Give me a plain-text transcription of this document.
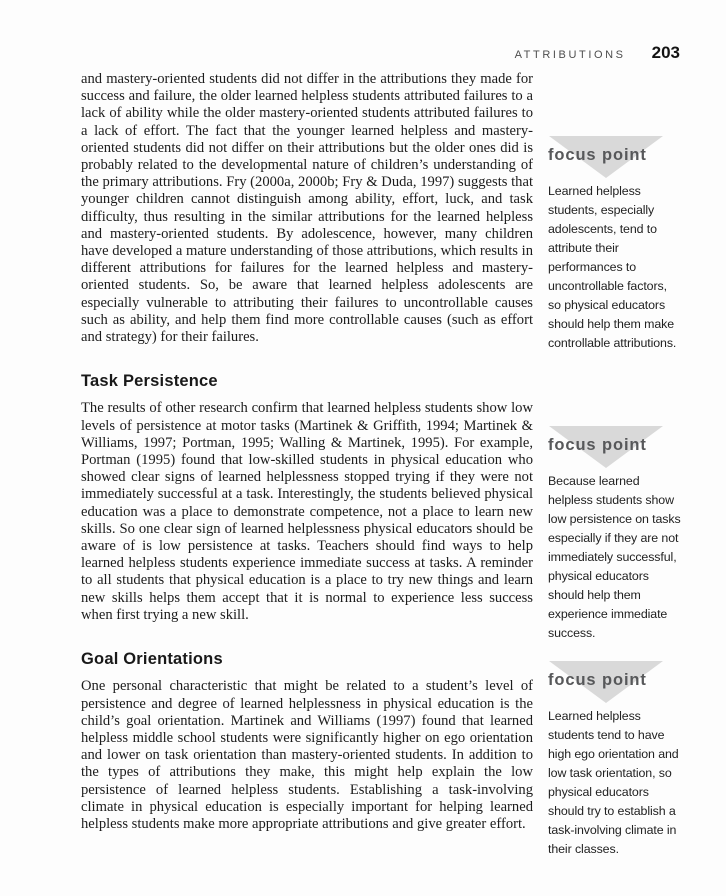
ATTRIBUTIONS 203

and mastery-oriented students did not differ in the attributions they made for success and failure, the older learned helpless students attributed failures to a lack of ability while the older mastery-oriented students attributed failures to a lack of effort. The fact that the younger learned helpless and mastery-oriented students did not differ on their attributions but the older ones did is probably related to the developmental nature of children’s understanding of the primary attributions. Fry (2000a, 2000b; Fry & Duda, 1997) suggests that younger children cannot distinguish among ability, effort, luck, and task difficulty, thus resulting in the similar attributions for the learned helpless and mastery-oriented students. By adolescence, however, many children have developed a mature understanding of those attributions, which results in different attributions for failures for the learned helpless and mastery-oriented students. So, be aware that learned helpless adolescents are especially vulnerable to attributing their failures to uncontrollable causes such as ability, and help them find more controllable causes (such as effort and strategy) for their failures.

Task Persistence

The results of other research confirm that learned helpless students show low levels of persistence at motor tasks (Martinek & Griffith, 1994; Martinek & Williams, 1997; Portman, 1995; Walling & Martinek, 1995). For example, Portman (1995) found that low-skilled students in physical education who showed clear signs of learned helplessness stopped trying if they were not immediately successful at a task. Interestingly, the students believed physical education was a place to demonstrate competence, not a place to learn new skills. So one clear sign of learned helplessness physical educators should be aware of is low persistence at tasks. Teachers should find ways to help learned helpless students experience immediate success at tasks. A reminder to all students that physical education is a place to try new things and learn new skills helps them accept that it is normal to experience less success when first trying a new skill.

Goal Orientations

One personal characteristic that might be related to a student’s level of persistence and degree of learned helplessness in physical education is the child’s goal orientation. Martinek and Williams (1997) found that learned helpless middle school students were significantly higher on ego orientation and lower on task orientation than mastery-oriented students. In addition to the types of attributions they make, this might help explain the low persistence of learned helpless students. Establishing a task-involving climate in physical education is especially important for helping learned helpless students make more appropriate attributions and give greater effort.

focus point

Learned helpless students, especially adolescents, tend to attribute their performances to uncontrollable factors, so physical educators should help them make controllable attributions.

focus point

Because learned helpless students show low persistence on tasks especially if they are not immediately successful, physical educators should help them experience immediate success.

focus point

Learned helpless students tend to have high ego orientation and low task orientation, so physical educators should try to establish a task-involving climate in their classes.
